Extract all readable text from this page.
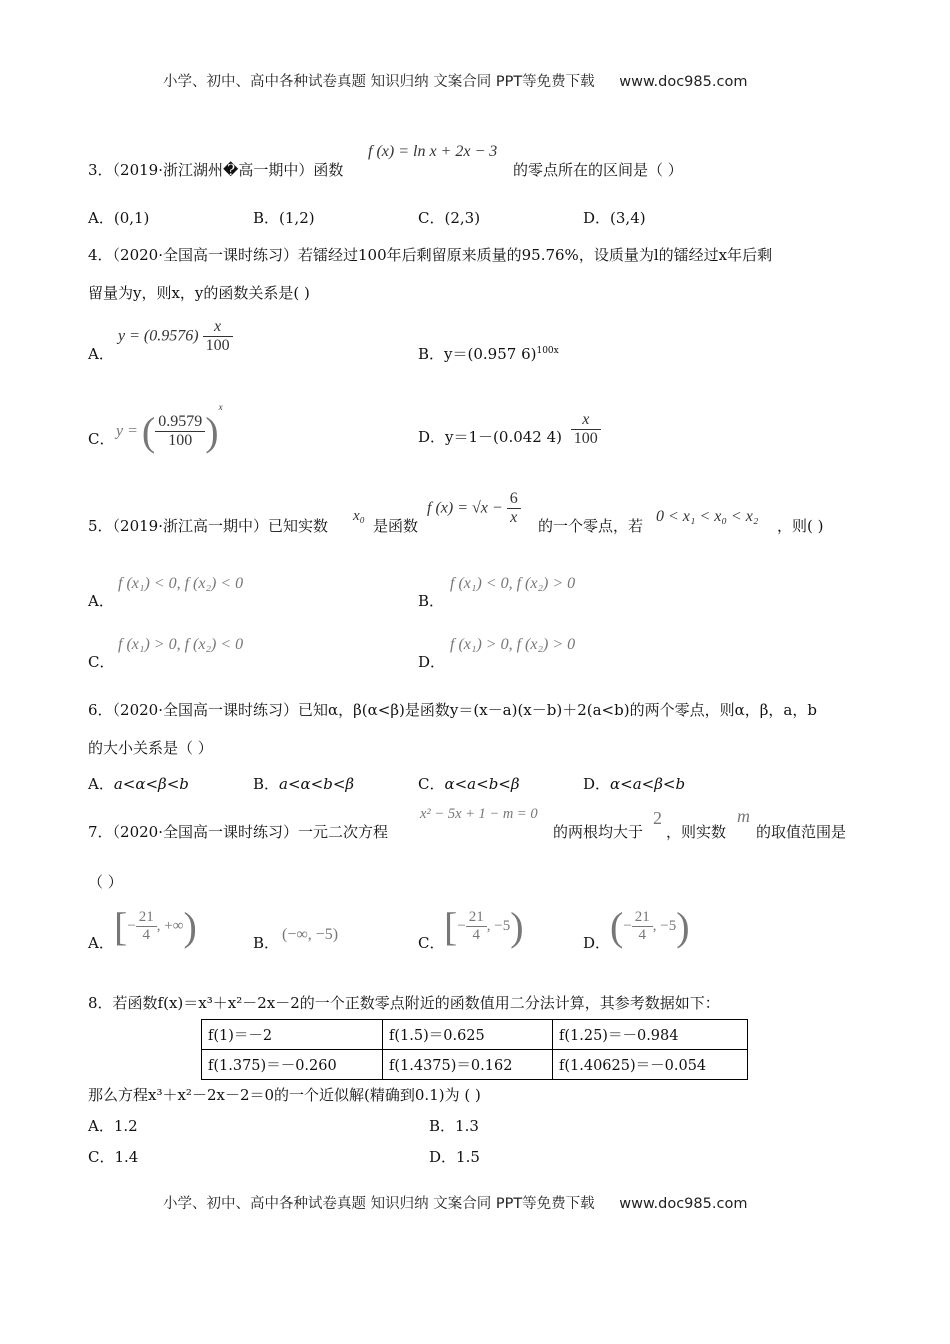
小学、初中、高中各种试卷真题 知识归纳 文案合同 PPT等免费下载 www.doc985.com
3．（2019·浙江湖州�高一期中）函数
f (x) = ln x + 2x − 3
的零点所在的区间是（ ）
A．(0,1)	B．(1,2)	C．(2,3)	D．(3,4)
4．（2020·全国高一课时练习）若镭经过100年后剩留原来质量的95.76%，设质量为l的镭经过x年后剩
留量为y，则x，y的函数关系是( )
A．
$y = (0.9576) \frac{x}{100}$	B．y＝(0.957 6)$^{100x}$
C． y = ( $\frac{0.9579}{100} )^x$
D．y＝1－(0.042 $4) \frac{x}{100}$
5．（2019·浙江高一期中）已知实数
x₀
是函数
f $(x) = √x - \frac{6}{x}$ 的一个零点，若
0 < x₁ < x₀ < x₂
，则( )
A．
f (x₁) < 0, f (x₂) < 0
B．
f (x₁) < 0, f (x₂) > 0
C．
f (x₁) > 0, f (x₂) < 0
D．
f (x₁) > 0, f (x₂) > 0
6．（2020·全国高一课时练习）已知α，β(α<β)是函数y＝(x－a)(x－b)＋2(a<b)的两个零点，则α，β，a，b
的大小关系是（ ）
A．a<α<β<b	B．a<α<b<β	C．α<a<b<β	D．α<a<β<b
7．（2020·全国高一课时练习）一元二次方程
x² − 5x + 1 − m = 0
的两根均大于
2
，则实数
m
的取值范围是
（ ）
A． [− $\frac{21}{4}$ , +∞)	B． (−∞, −5)	C． [− $\frac{21}{4}$ , −5)	D． (− $\frac{21}{4}$ , −5)
8．若函数f(x)＝x³＋x²－2x－2的一个正数零点附近的函数值用二分法计算，其参考数据如下：
f(1)＝－2	f(1.5)＝0.625	f(1.25)＝－0.984
f(1.375)＝－0.260	f(1.4375)＝0.162	f(1.40625)＝－0.054
那么方程x³＋x²－2x－2＝0的一个近似解(精确到0.1)为 ( )
A．1.2	B．1.3
C．1.4	D．1.5
小学、初中、高中各种试卷真题 知识归纳 文案合同 PPT等免费下载 www.doc985.com
